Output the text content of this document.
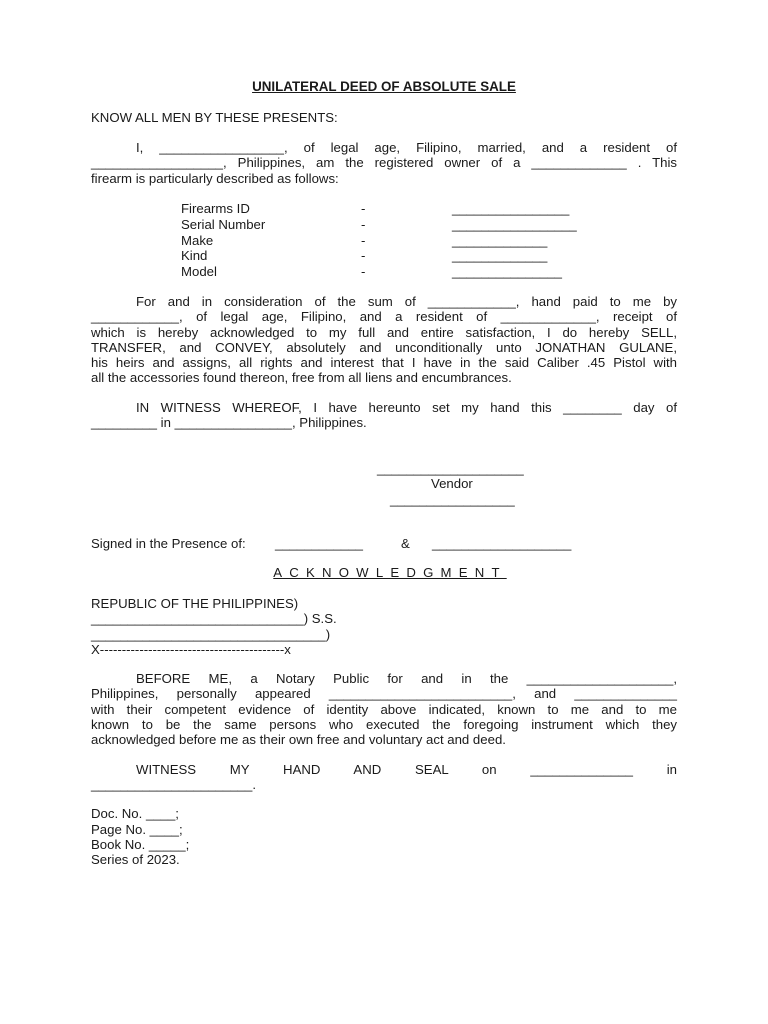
UNILATERAL DEED OF ABSOLUTE SALE
KNOW ALL MEN BY THESE PRESENTS:
I, _________________, of legal age, Filipino, married, and a resident of
__________________, Philippines, am the registered owner of a _____________ . This
firearm is particularly described as follows:
Firearms ID	-	________________
Serial Number	-	_________________
Make	-	_____________
Kind	-	_____________
Model	-	_______________
For and in consideration of the sum of ____________, hand paid to me by
____________, of legal age, Filipino, and a resident of _____________, receipt of
which is hereby acknowledged to my full and entire satisfaction, I do hereby SELL,
TRANSFER, and CONVEY, absolutely and unconditionally unto JONATHAN GULANE,
his heirs and assigns, all rights and interest that I have in the said Caliber .45 Pistol with
all the accessories found thereon, free from all liens and encumbrances.
IN WITNESS WHEREOF, I have hereunto set my hand this ________ day of
_________ in ________________, Philippines.
____________________
Vendor
_________________
Signed in the Presence of: ____________	& ___________________
ACKNOWLEDGMENT
REPUBLIC OF THE PHILIPPINES)
_____________________________) S.S.
________________________________)
X------------------------------------------x
BEFORE ME, a Notary Public for and in the ____________________,
Philippines, personally appeared _________________________, and ______________
with their competent evidence of identity above indicated, known to me and to me
known to be the same persons who executed the foregoing instrument which they
acknowledged before me as their own free and voluntary act and deed.
WITNESS MY HAND AND SEAL on ______________ in
______________________.
Doc. No. ____;
Page No. ____;
Book No. _____;
Series of 2023.
